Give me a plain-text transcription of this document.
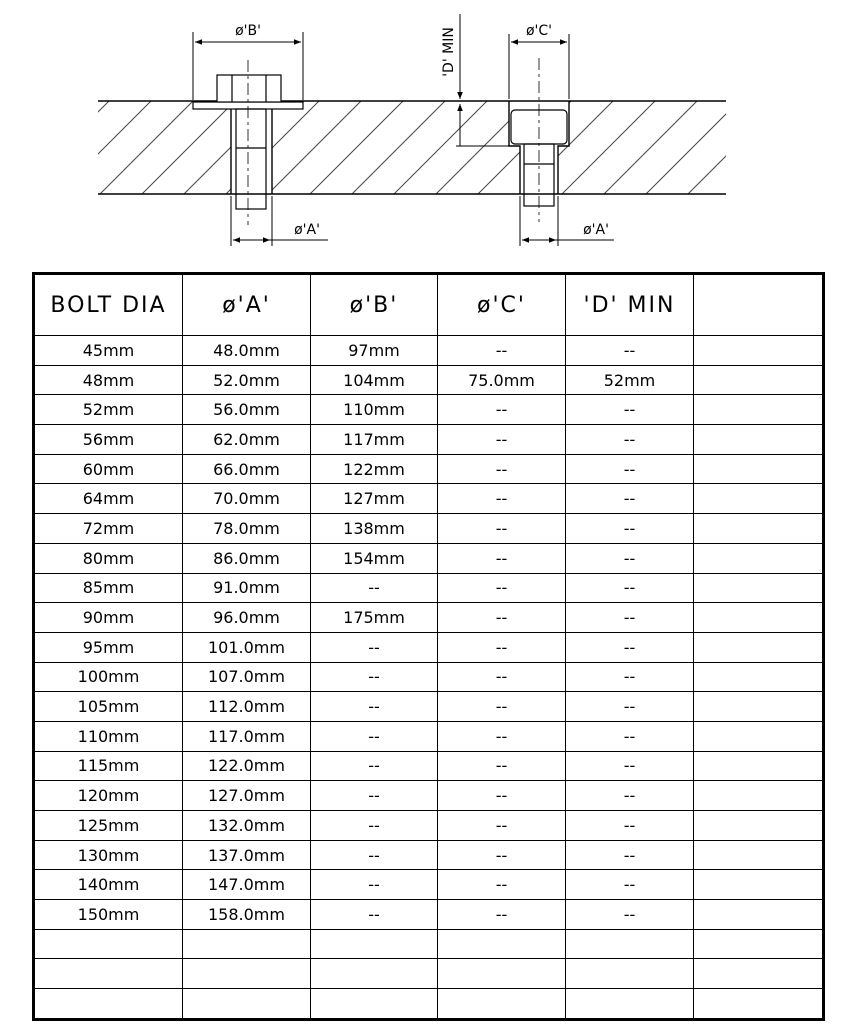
ø'B'
ø'A'
ø'C'
ø'A'
'D' MIN
BOLT DIA	ø'A'	ø'B'	ø'C'	'D' MIN	
45mm	48.0mm	97mm	--	--	
48mm	52.0mm	104mm	75.0mm	52mm	
52mm	56.0mm	110mm	--	--	
56mm	62.0mm	117mm	--	--	
60mm	66.0mm	122mm	--	--	
64mm	70.0mm	127mm	--	--	
72mm	78.0mm	138mm	--	--	
80mm	86.0mm	154mm	--	--	
85mm	91.0mm	--	--	--	
90mm	96.0mm	175mm	--	--	
95mm	101.0mm	--	--	--	
100mm	107.0mm	--	--	--	
105mm	112.0mm	--	--	--	
110mm	117.0mm	--	--	--	
115mm	122.0mm	--	--	--	
120mm	127.0mm	--	--	--	
125mm	132.0mm	--	--	--	
130mm	137.0mm	--	--	--	
140mm	147.0mm	--	--	--	
150mm	158.0mm	--	--	--	
